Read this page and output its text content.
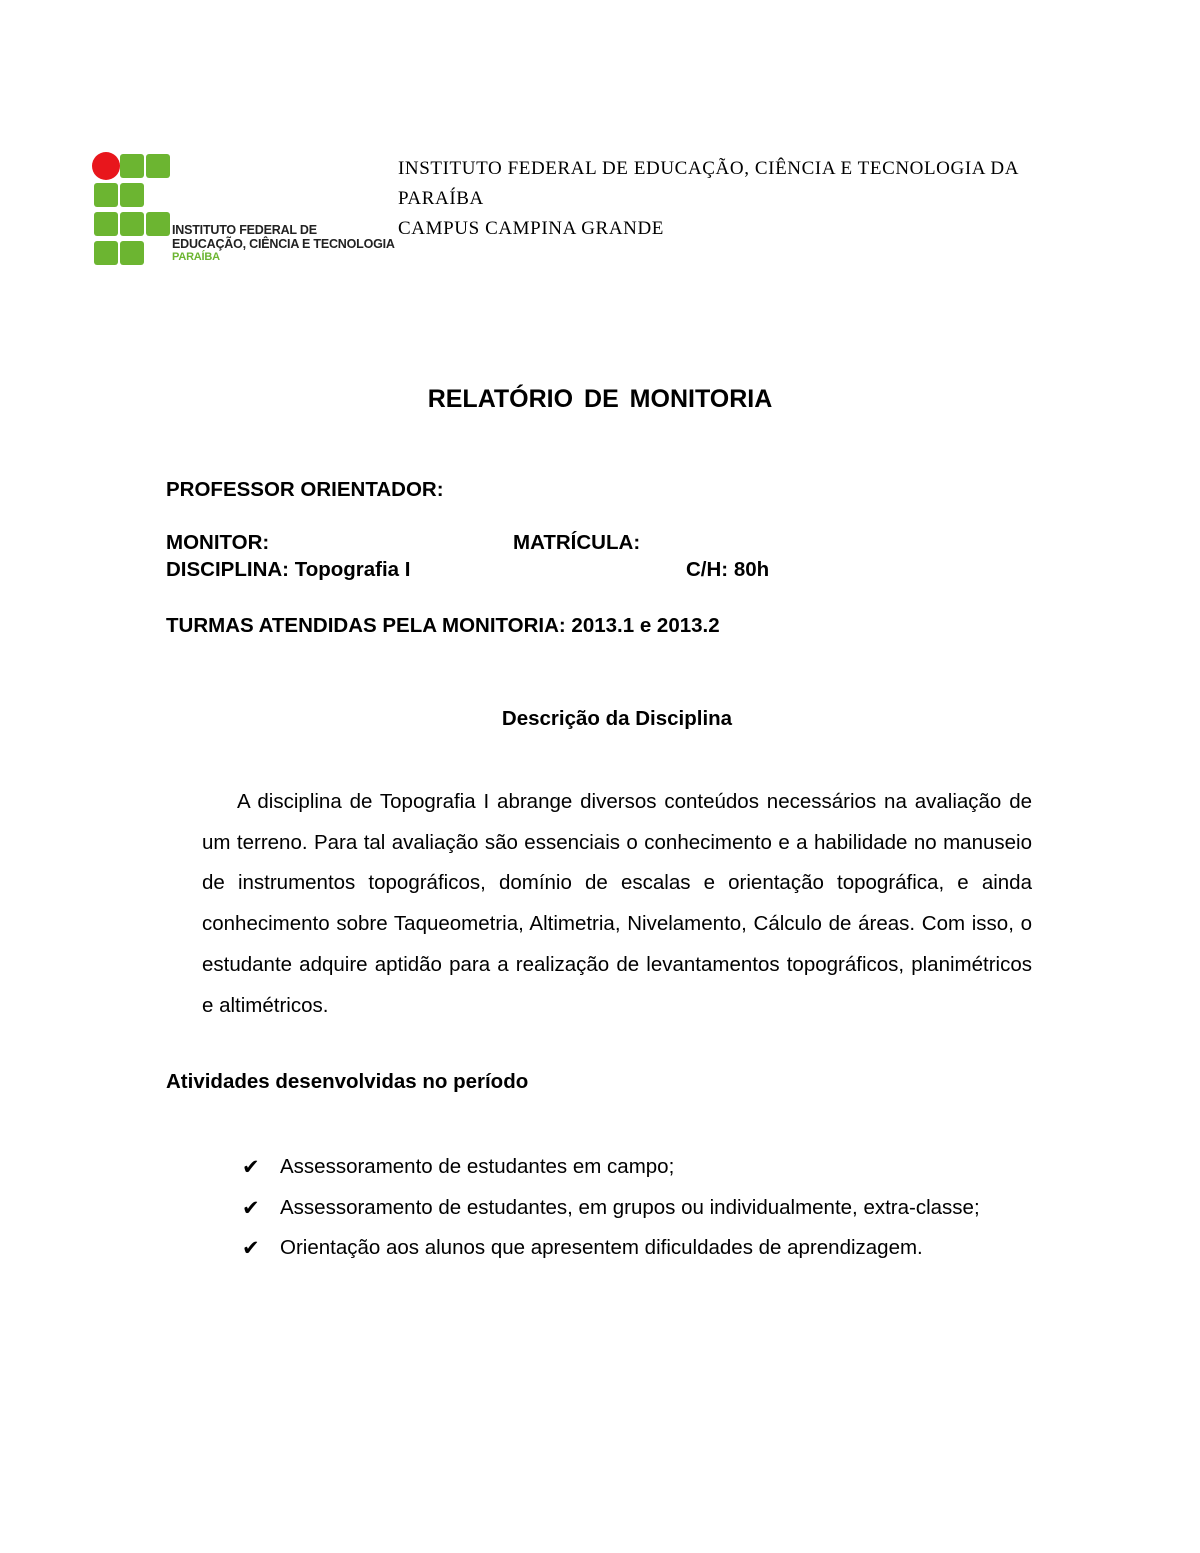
INSTITUTO FEDERAL DE
EDUCAÇÃO, CIÊNCIA E TECNOLOGIA
PARAÍBA
INSTITUTO FEDERAL DE EDUCAÇÃO, CIÊNCIA E TECNOLOGIA DA
PARAÍBA
CAMPUS CAMPINA GRANDE
RELATÓRIO DE MONITORIA
PROFESSOR ORIENTADOR:
MONITOR:	MATRÍCULA:
DISCIPLINA: Topografia I	C/H: 80h
TURMAS ATENDIDAS PELA MONITORIA: 2013.1 e 2013.2
Descrição da Disciplina

A disciplina de Topografia I abrange diversos conteúdos necessários na avaliação de um terreno. Para tal avaliação são essenciais o conhecimento e a habilidade no manuseio de instrumentos topográficos, domínio de escalas e orientação topográfica, e ainda conhecimento sobre Taqueometria, Altimetria, Nivelamento, Cálculo de áreas. Com isso, o estudante adquire aptidão para a realização de levantamentos topográficos, planimétricos e altimétricos.

Atividades desenvolvidas no período
✔ Assessoramento de estudantes em campo;
✔ Assessoramento de estudantes, em grupos ou individualmente, extra-classe;
✔ Orientação aos alunos que apresentem dificuldades de aprendizagem.
